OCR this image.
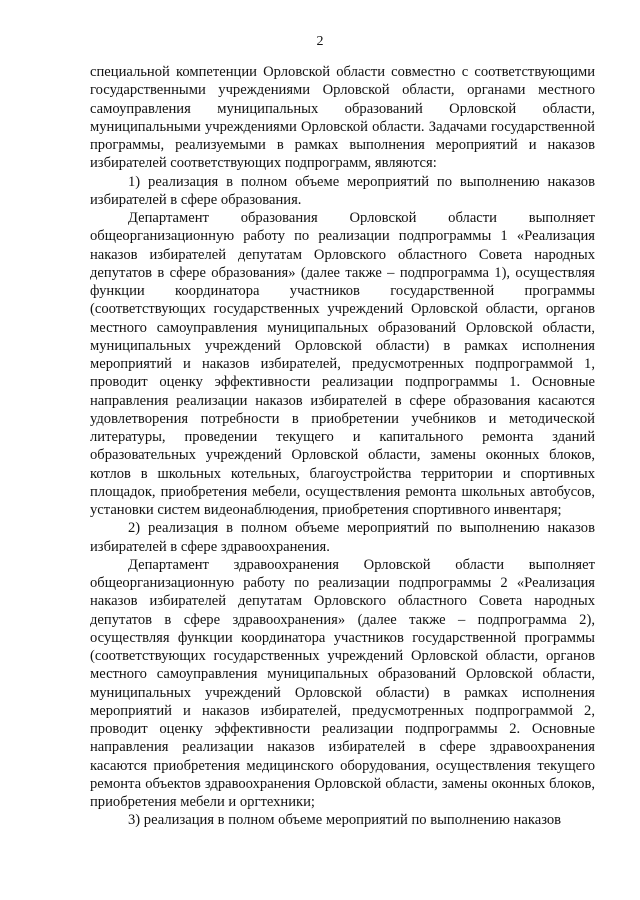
2

специальной компетенции Орловской области совместно с соответствующими государственными учреждениями Орловской области, органами местного самоуправления муниципальных образований Орловской области, муниципальными учреждениями Орловской области. Задачами государственной программы, реализуемыми в рамках выполнения мероприятий и наказов избирателей соответствующих подпрограмм, являются:

1) реализация в полном объеме мероприятий по выполнению наказов избирателей в сфере образования.

Департамент образования Орловской области выполняет общеорганизационную работу по реализации подпрограммы 1 «Реализация наказов избирателей депутатам Орловского областного Совета народных депутатов в сфере образования» (далее также – подпрограмма 1), осуществляя функции координатора участников государственной программы (соответствующих государственных учреждений Орловской области, органов местного самоуправления муниципальных образований Орловской области, муниципальных учреждений Орловской области) в рамках исполнения мероприятий и наказов избирателей, предусмотренных подпрограммой 1, проводит оценку эффективности реализации подпрограммы 1. Основные направления реализации наказов избирателей в сфере образования касаются удовлетворения потребности в приобретении учебников и методической литературы, проведении текущего и капитального ремонта зданий образовательных учреждений Орловской области, замены оконных блоков, котлов в школьных котельных, благоустройства территории и спортивных площадок, приобретения мебели, осуществления ремонта школьных автобусов, установки систем видеонаблюдения, приобретения спортивного инвентаря;

2) реализация в полном объеме мероприятий по выполнению наказов избирателей в сфере здравоохранения.

Департамент здравоохранения Орловской области выполняет общеорганизационную работу по реализации подпрограммы 2 «Реализация наказов избирателей депутатам Орловского областного Совета народных депутатов в сфере здравоохранения» (далее также – подпрограмма 2), осуществляя функции координатора участников государственной программы (соответствующих государственных учреждений Орловской области, органов местного самоуправления муниципальных образований Орловской области, муниципальных учреждений Орловской области) в рамках исполнения мероприятий и наказов избирателей, предусмотренных подпрограммой 2, проводит оценку эффективности реализации подпрограммы 2. Основные направления реализации наказов избирателей в сфере здравоохранения касаются приобретения медицинского оборудования, осуществления текущего ремонта объектов здравоохранения Орловской области, замены оконных блоков, приобретения мебели и оргтехники;

3) реализация в полном объеме мероприятий по выполнению наказов
